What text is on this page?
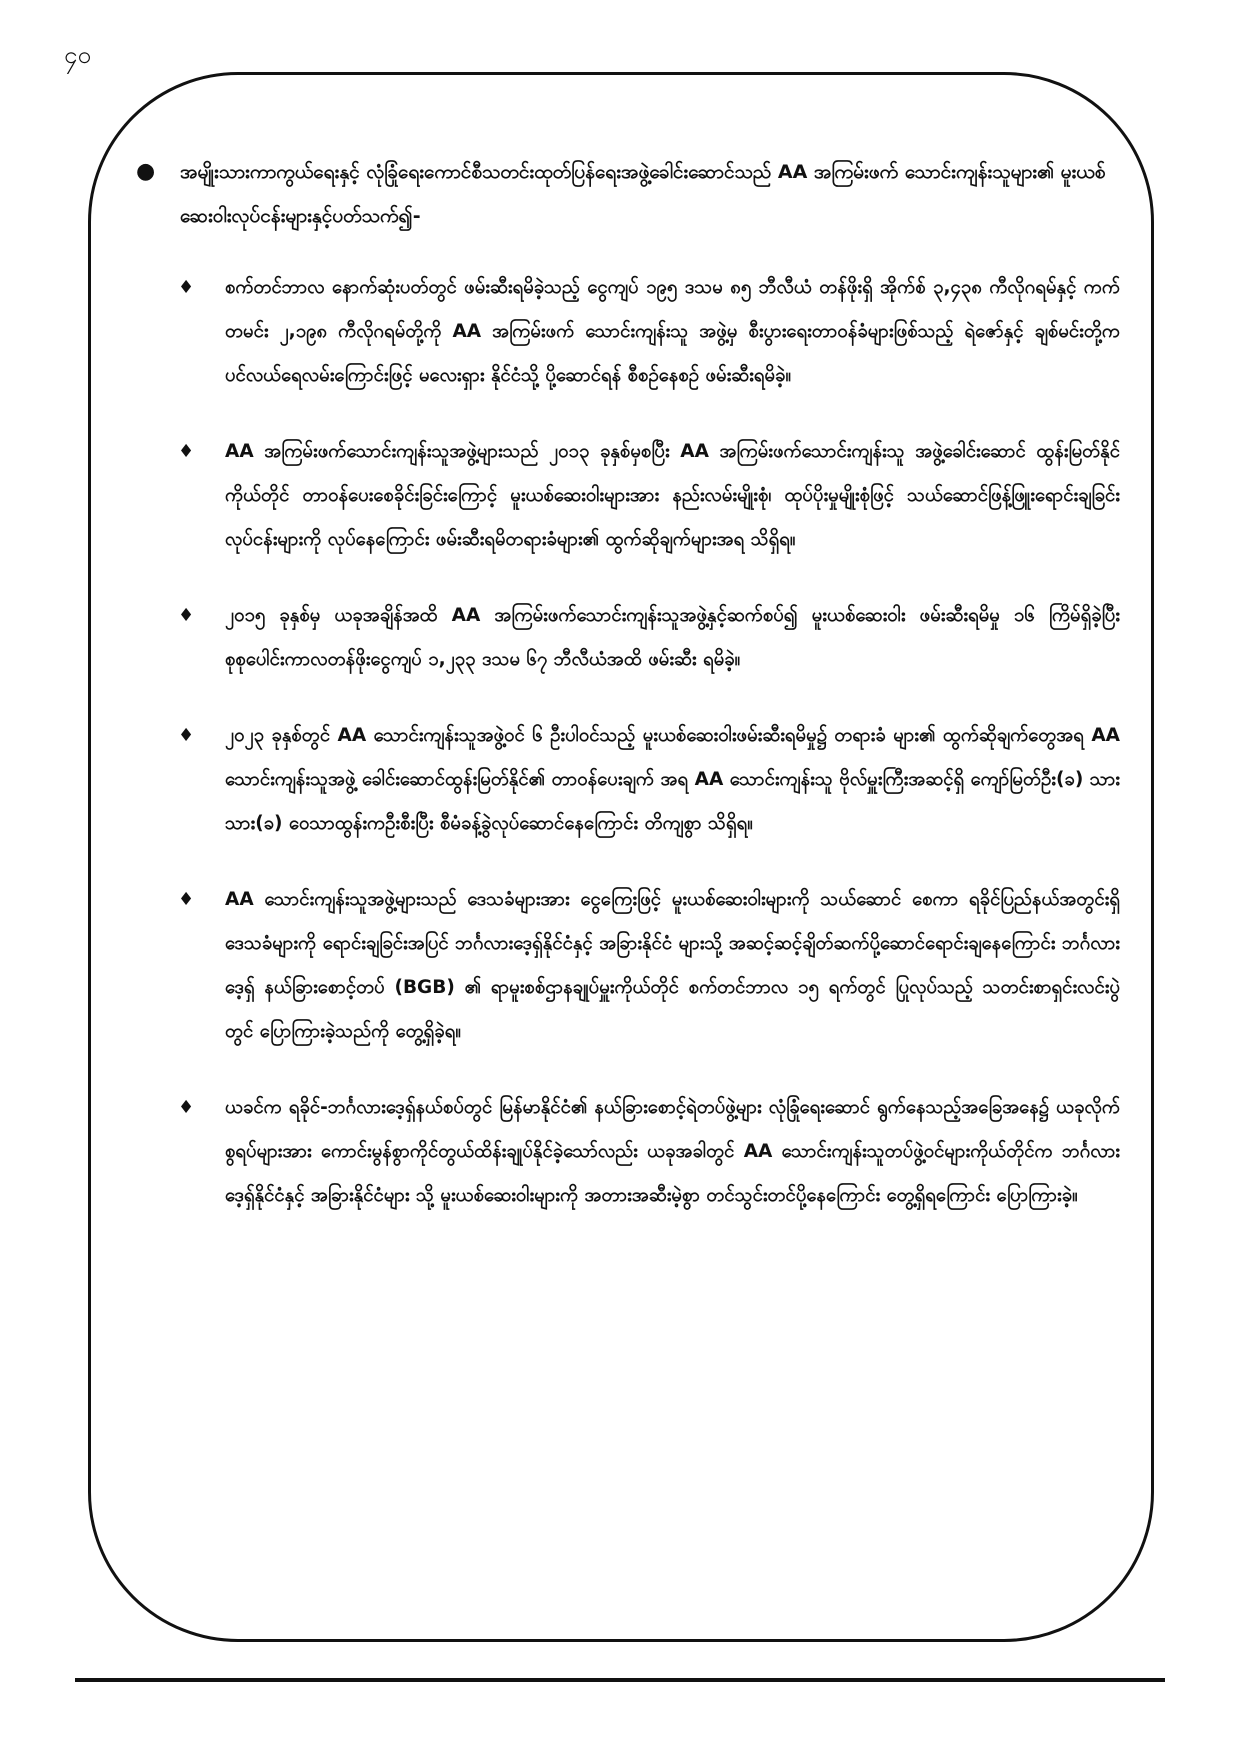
၄၀
● အမျိုးသားကာကွယ်ရေးနှင့် လုံခြုံရေးကောင်စီသတင်းထုတ်ပြန်ရေးအဖွဲ့ခေါင်းဆောင်သည် AA အကြမ်းဖက် သောင်းကျန်းသူများ၏ မူးယစ်ဆေးဝါးလုပ်ငန်းများနှင့်ပတ်သက်၍-
♦ စက်တင်ဘာလ နောက်ဆုံးပတ်တွင် ဖမ်းဆီးရမိခဲ့သည့် ငွေကျပ် ၁၉၅ ဒသမ ၈၅ ဘီလီယံ တန်ဖိုးရှိ အိုက်စ် ၃,၄၃၈ ကီလိုဂရမ်နှင့် ကက်တမင်း ၂,၁၉၈ ကီလိုဂရမ်တို့ကို AA အကြမ်းဖက် သောင်းကျန်းသူ အဖွဲ့မှ စီးပွားရေးတာဝန်ခံများဖြစ်သည့် ရဲဇော်နှင့် ချစ်မင်းတို့က ပင်လယ်ရေလမ်းကြောင်းဖြင့် မလေးရှား နိုင်ငံသို့ ပို့ဆောင်ရန် စီစဉ်နေစဉ် ဖမ်းဆီးရမိခဲ့။
♦ AA အကြမ်းဖက်သောင်းကျန်းသူအဖွဲ့များသည် ၂၀၁၃ ခုနှစ်မှစပြီး AA အကြမ်းဖက်သောင်းကျန်းသူ အဖွဲ့ခေါင်းဆောင် ထွန်းမြတ်နိုင်ကိုယ်တိုင် တာဝန်ပေးစေခိုင်းခြင်းကြောင့် မူးယစ်ဆေးဝါးများအား နည်းလမ်းမျိုးစုံ၊ ထုပ်ပိုးမှုမျိုးစုံဖြင့် သယ်ဆောင်ဖြန့်ဖြူးရောင်းချခြင်းလုပ်ငန်းများကို လုပ်နေကြောင်း ဖမ်းဆီးရမိတရားခံများ၏ ထွက်ဆိုချက်များအရ သိရှိရ။
♦ ၂၀၁၅ ခုနှစ်မှ ယခုအချိန်အထိ AA အကြမ်းဖက်သောင်းကျန်းသူအဖွဲ့နှင့်ဆက်စပ်၍ မူးယစ်ဆေးဝါး ဖမ်းဆီးရမိမှု ၁၆ ကြိမ်ရှိခဲ့ပြီး စုစုပေါင်းကာလတန်ဖိုးငွေကျပ် ၁,၂၃၃ ဒသမ ၆၇ ဘီလီယံအထိ ဖမ်းဆီး ရမိခဲ့။
♦ ၂၀၂၃ ခုနှစ်တွင် AA သောင်းကျန်းသူအဖွဲ့ဝင် ၆ ဦးပါဝင်သည့် မူးယစ်ဆေးဝါးဖမ်းဆီးရမိမှု၌ တရားခံ များ၏ ထွက်ဆိုချက်တွေအရ AA သောင်းကျန်းသူအဖွဲ့ ခေါင်းဆောင်ထွန်းမြတ်နိုင်၏ တာဝန်ပေးချက် အရ AA သောင်းကျန်းသူ ဗိုလ်မှူးကြီးအဆင့်ရှိ ကျော်မြတ်ဦး(ခ) သားသား(ခ) ဝေသာထွန်းကဦးစီးပြီး စီမံခန့်ခွဲလုပ်ဆောင်နေကြောင်း တိကျစွာ သိရှိရ။
♦ AA သောင်းကျန်းသူအဖွဲ့များသည် ဒေသခံများအား ငွေကြေးဖြင့် မူးယစ်ဆေးဝါးများကို သယ်ဆောင် စေကာ ရခိုင်ပြည်နယ်အတွင်းရှိ ဒေသခံများကို ရောင်းချခြင်းအပြင် ဘင်္ဂလားဒေ့ရှ်နိုင်ငံနှင့် အခြားနိုင်ငံ များသို့ အဆင့်ဆင့်ချိတ်ဆက်ပို့ဆောင်ရောင်းချနေကြောင်း ဘင်္ဂလားဒေ့ရှ် နယ်ခြားစောင့်တပ် (BGB) ၏ ရာမူးစစ်ဌာနချုပ်မှူးကိုယ်တိုင် စက်တင်ဘာလ ၁၅ ရက်တွင် ပြုလုပ်သည့် သတင်းစာရှင်းလင်းပွဲ တွင် ပြောကြားခဲ့သည်ကို တွေ့ရှိခဲ့ရ။
♦ ယခင်က ရခိုင်-ဘင်္ဂလားဒေ့ရှ်နယ်စပ်တွင် မြန်မာနိုင်ငံ၏ နယ်ခြားစောင့်ရဲတပ်ဖွဲ့များ လုံခြုံရေးဆောင် ရွက်နေသည့်အခြေအနေ၌ ယခုလိုက်စွရပ်များအား ကောင်းမွန်စွာကိုင်တွယ်ထိန်းချုပ်နိုင်ခဲ့သော်လည်း ယခုအခါတွင် AA သောင်းကျန်းသူတပ်ဖွဲ့ဝင်များကိုယ်တိုင်က ဘင်္ဂလားဒေ့ရှ်နိုင်ငံနှင့် အခြားနိုင်ငံများ သို့ မူးယစ်ဆေးဝါးများကို အတားအဆီးမဲ့စွာ တင်သွင်းတင်ပို့နေကြောင်း တွေ့ရှိရကြောင်း ပြောကြားခဲ့။
